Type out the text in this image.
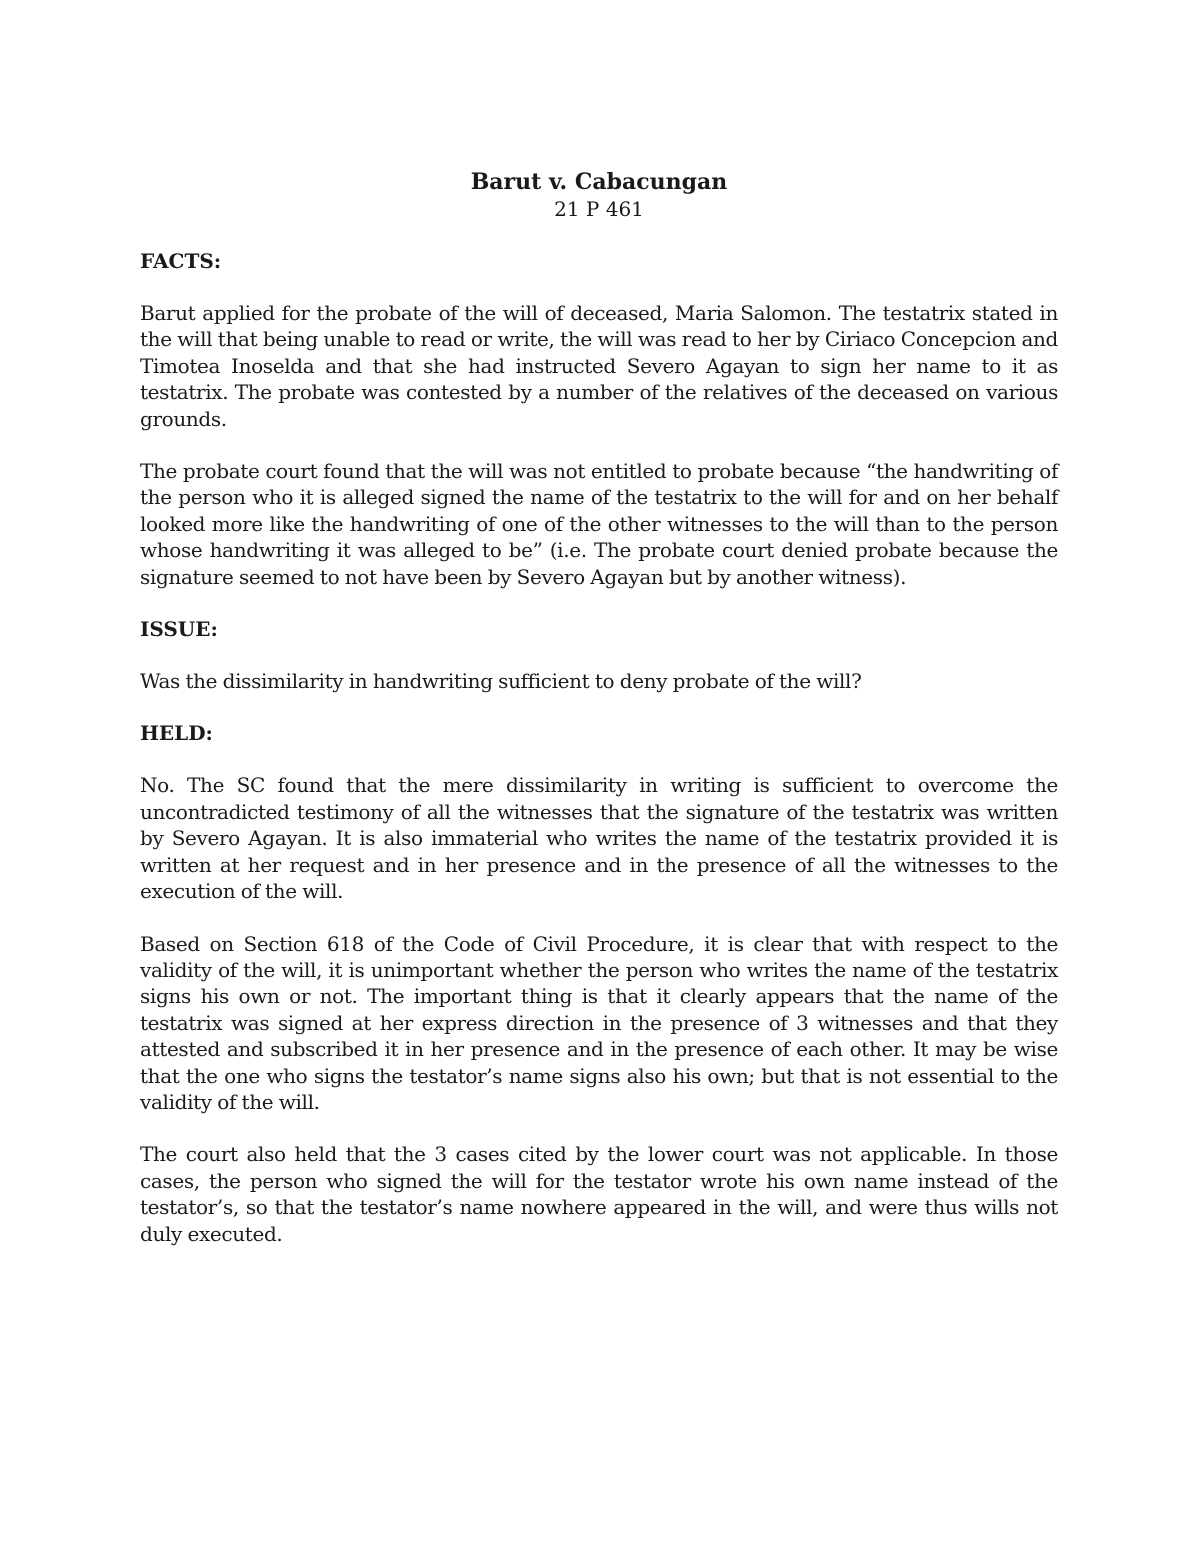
Barut v. Cabacungan

21 P 461

FACTS:

Barut applied for the probate of the will of deceased, Maria Salomon. The testatrix stated in the will that being unable to read or write, the will was read to her by Ciriaco Concepcion and Timotea Inoselda and that she had instructed Severo Agayan to sign her name to it as testatrix. The probate was contested by a number of the relatives of the deceased on various grounds.

The probate court found that the will was not entitled to probate because “the handwriting of the person who it is alleged signed the name of the testatrix to the will for and on her behalf looked more like the handwriting of one of the other witnesses to the will than to the person whose handwriting it was alleged to be” (i.e. The probate court denied probate because the signature seemed to not have been by Severo Agayan but by another witness).

ISSUE:

Was the dissimilarity in handwriting sufficient to deny probate of the will?

HELD:

No. The SC found that the mere dissimilarity in writing is sufficient to overcome the uncontradicted testimony of all the witnesses that the signature of the testatrix was written by Severo Agayan. It is also immaterial who writes the name of the testatrix provided it is written at her request and in her presence and in the presence of all the witnesses to the execution of the will.

Based on Section 618 of the Code of Civil Procedure, it is clear that with respect to the validity of the will, it is unimportant whether the person who writes the name of the testatrix signs his own or not. The important thing is that it clearly appears that the name of the testatrix was signed at her express direction in the presence of 3 witnesses and that they attested and subscribed it in her presence and in the presence of each other. It may be wise that the one who signs the testator’s name signs also his own; but that is not essential to the validity of the will.

The court also held that the 3 cases cited by the lower court was not applicable. In those cases, the person who signed the will for the testator wrote his own name instead of the testator’s, so that the testator’s name nowhere appeared in the will, and were thus wills not duly executed.
